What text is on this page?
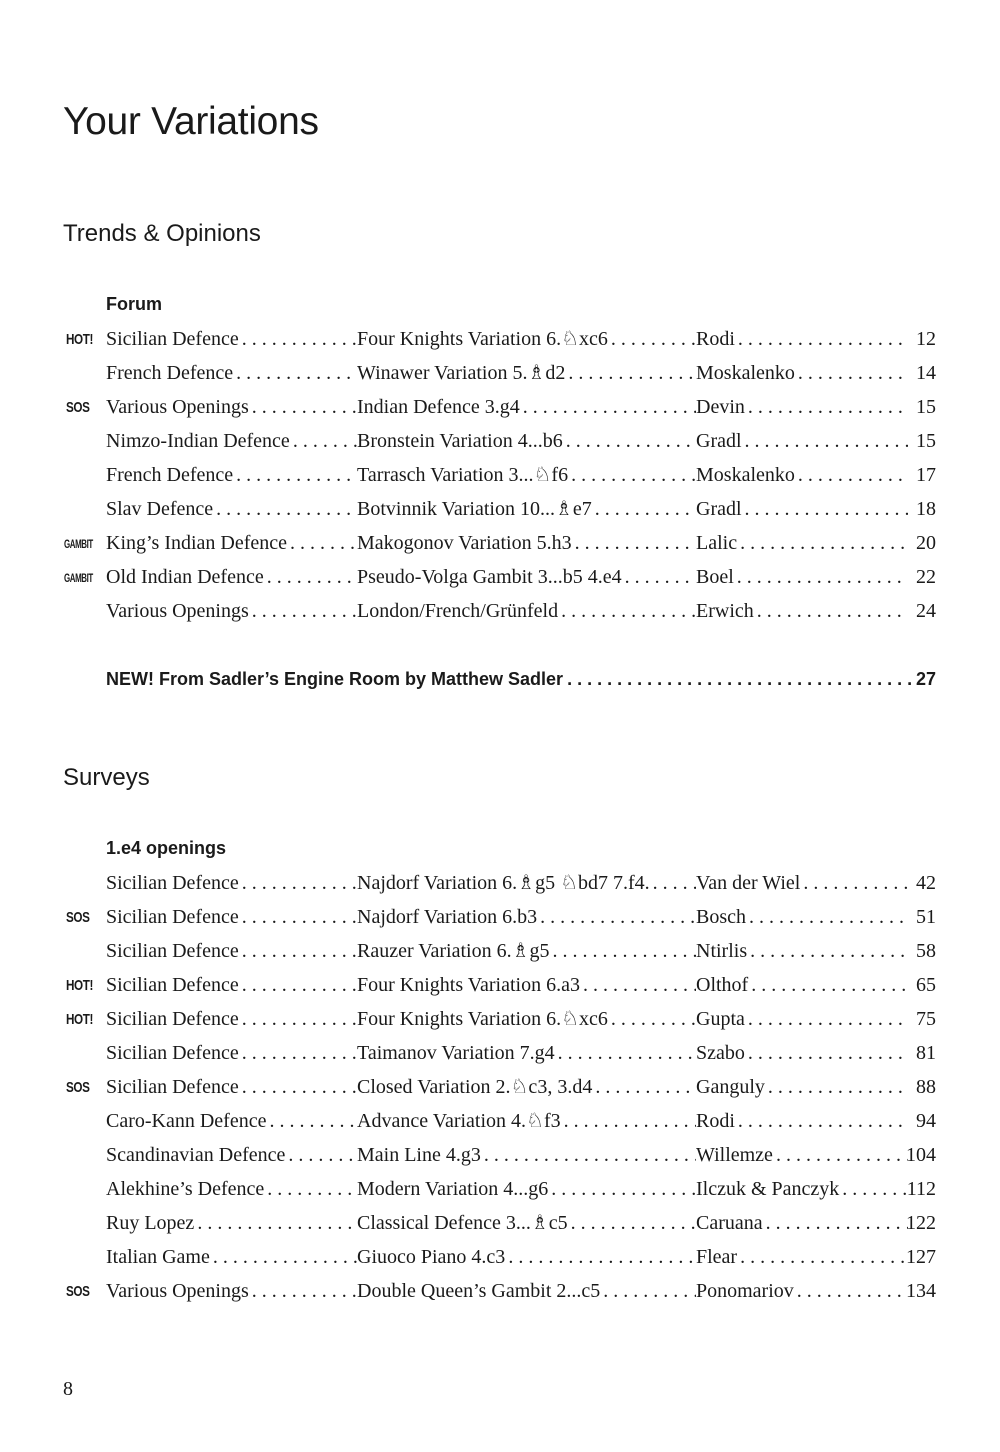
Your Variations
Trends & Opinions
Forum
HOT! Sicilian Defence . . .	Four Knights Variation 6.♘xc6 . . .	Rodi . . .	12
French Defence . . .	Winawer Variation 5.♗d2 . . .	Moskalenko . . .	14
SOS Various Openings . . .	Indian Defence 3.g4 . . .	Devin . . .	15
Nimzo-Indian Defence . . .	Bronstein Variation 4...b6 . . .	Gradl . . .	15
French Defence . . .	Tarrasch Variation 3...♘f6 . . .	Moskalenko . . .	17
Slav Defence . . .	Botvinnik Variation 10...♗e7 . . .	Gradl . . .	18
GAMBIT King’s Indian Defence . . .	Makogonov Variation 5.h3 . . .	Lalic . . .	20
GAMBIT Old Indian Defence . . .	Pseudo-Volga Gambit 3...b5 4.e4 . . .	Boel . . .	22
Various Openings . . .	London/French/Grünfeld . . .	Erwich . . .	24
NEW! From Sadler’s Engine Room by Matthew Sadler . . .	27
Surveys
1.e4 openings
Sicilian Defence . . .	Najdorf Variation 6.♗g5 ♘bd7 7.f4. . . . Van der Wiel . . .	42
SOS Sicilian Defence . . .	Najdorf Variation 6.b3 . . .	Bosch . . .	51
Sicilian Defence . . .	Rauzer Variation 6.♗g5 . . .	Ntirlis . . .	58
HOT! Sicilian Defence . . .	Four Knights Variation 6.a3 . . .	Olthof . . .	65
HOT! Sicilian Defence . . .	Four Knights Variation 6.♘xc6 . . .	Gupta . . .	75
Sicilian Defence . . .	Taimanov Variation 7.g4 . . .	Szabo . . .	81
SOS Sicilian Defence . . .	Closed Variation 2.♘c3, 3.d4 . . .	Ganguly . . .	88
Caro-Kann Defence . . .	Advance Variation 4.♘f3 . . .	Rodi . . .	94
Scandinavian Defence . . .	Main Line 4.g3 . . .	Willemze . . .	104
Alekhine’s Defence . . .	Modern Variation 4...g6 . . .	Ilczuk & Panczyk . . .	112
Ruy Lopez . . .	Classical Defence 3...♗c5 . . .	Caruana . . .	122
Italian Game . . .	Giuoco Piano 4.c3 . . .	Flear . . .	127
SOS Various Openings . . .	Double Queen’s Gambit 2...c5 . . .	Ponomariov . . .	134
8
